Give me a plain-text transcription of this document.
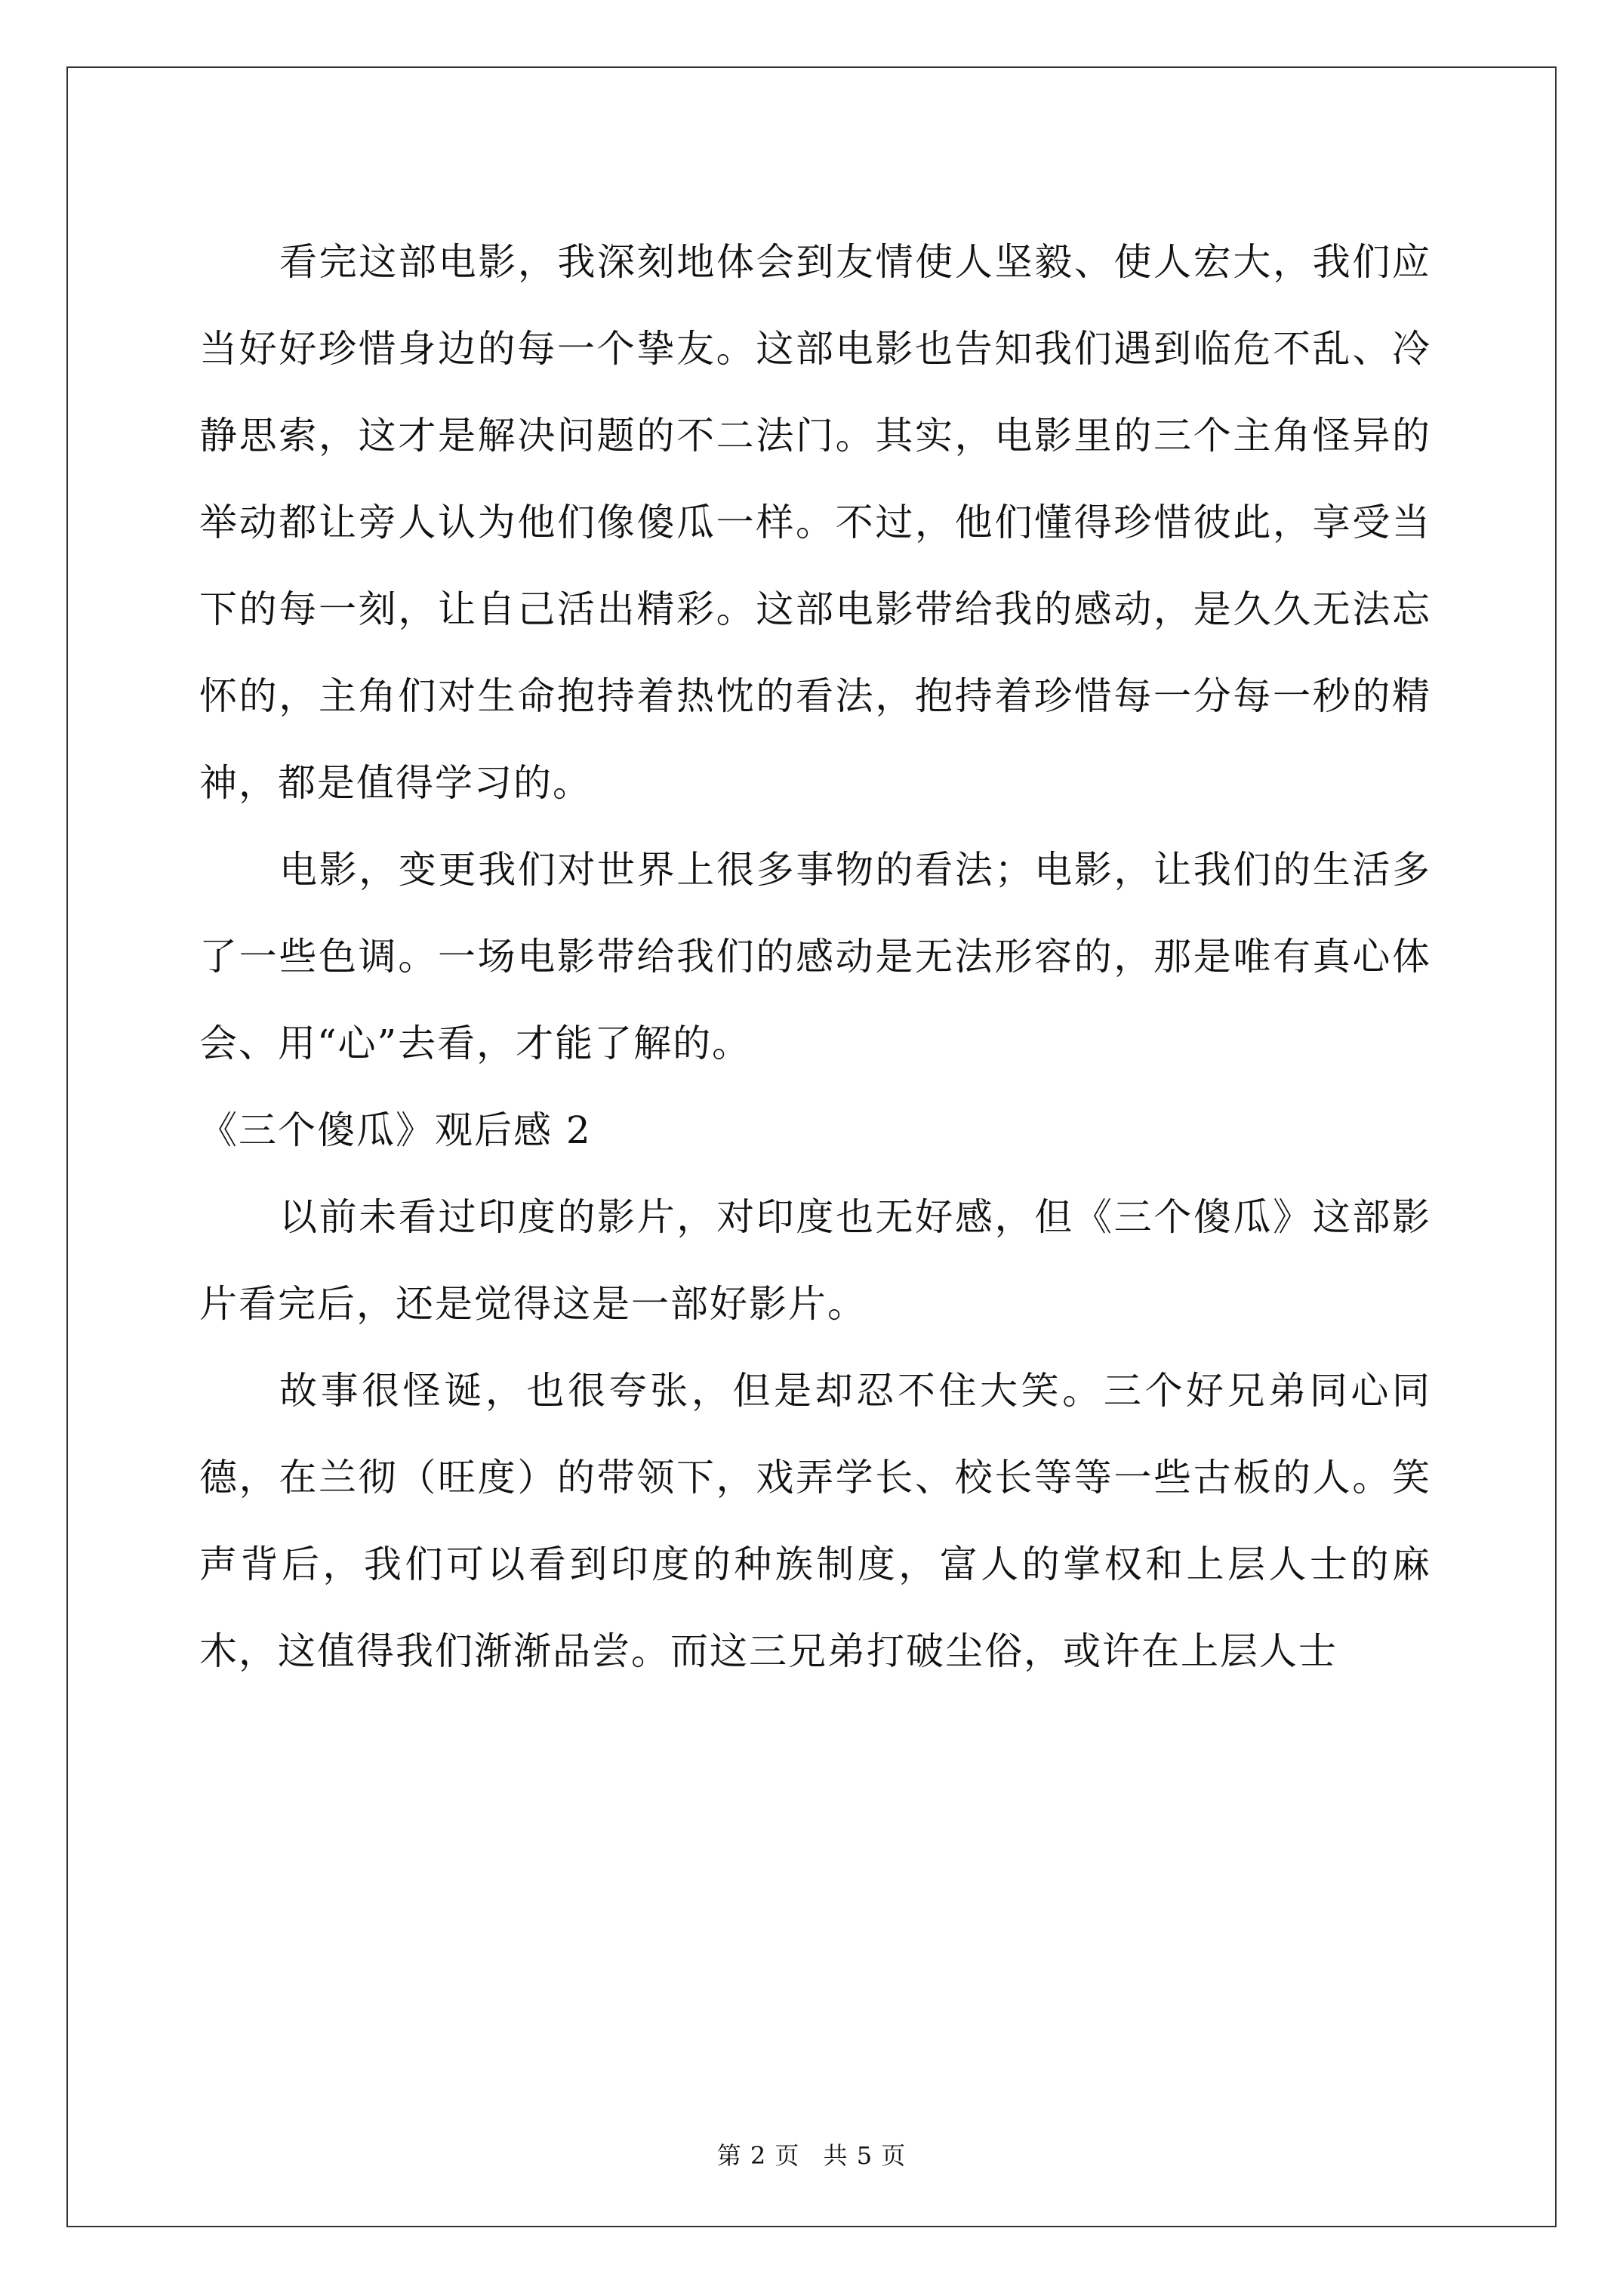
看完这部电影，我深刻地体会到友情使人坚毅、使人宏大，我们应当好好珍惜身边的每一个挚友。这部电影也告知我们遇到临危不乱、冷静思索，这才是解决问题的不二法门。其实，电影里的三个主角怪异的举动都让旁人认为他们像傻瓜一样。不过，他们懂得珍惜彼此，享受当下的每一刻，让自己活出精彩。这部电影带给我的感动，是久久无法忘怀的，主角们对生命抱持着热忱的看法，抱持着珍惜每一分每一秒的精神，都是值得学习的。

电影，变更我们对世界上很多事物的看法；电影，让我们的生活多了一些色调。一场电影带给我们的感动是无法形容的，那是唯有真心体会、用“心”去看，才能了解的。

《三个傻瓜》观后感 2

以前未看过印度的影片，对印度也无好感，但《三个傻瓜》这部影片看完后，还是觉得这是一部好影片。

故事很怪诞，也很夸张，但是却忍不住大笑。三个好兄弟同心同德，在兰彻（旺度）的带领下，戏弄学长、校长等等一些古板的人。笑声背后，我们可以看到印度的种族制度，富人的掌权和上层人士的麻木，这值得我们渐渐品尝。而这三兄弟打破尘俗，或许在上层人士

第 2 页 共 5 页
